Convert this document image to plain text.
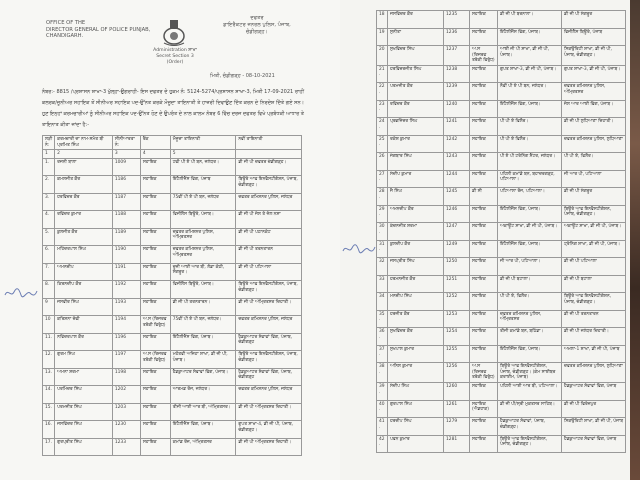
OFFICE OF THE
DIRECTOR GENERAL OF POLICE PUNJAB,
CHANDIGARH.
Administration ਸ਼ਾਖਾ
Secret Section 3
(Order)
ਦਫਤਰ
ਡਾਇਰੈਕਟਰ ਜਨਰਲ ਪੁਲਿਸ, ਪੰਜਾਬ,
ਚੰਡੀਗੜ੍ਹ।
ਮਿਤੀ, ਚੰਡੀਗੜ੍ਹ - 08-10-2021
ਨੰਬਰ:- 8815 /ਪ੍ਰਸ਼ਾਸਨ ਸ਼ਾਖਾ-3 ਖੁੱਲ੍ਹਾ-ਉਗਰਾਹੀ- ਇਸ ਦਫਤਰ ਦੇ ਹੁਕਮ ਨੰ: 5124-5274/ਪ੍ਰਸ਼ਾਸਨ ਸ਼ਾਖਾ-3, ਮਿਤੀ 17-09-2021 ਰਾਹੀਂ ਕਲਰਕ/ਜੂਨੀਅਰ ਸਹਾਇਕ ਤੋਂ ਸੀਨੀਅਰ ਸਹਾਇਕ ਪਦ-ਉੱਨਤ ਕਰਕੇ ਮੌਜੂਦਾ ਤਾਇਨਾਤੀ ਤੇ ਹਾਜ਼ਰੀ ਦਿਵਾਉਣ ਦਿੱਤ ਕਰਨ ਦੇ ਨਿਰਦੇਸ਼ ਦਿੱਤੇ ਗਏ ਸਨ। ਹੁਣ ਇਨ੍ਹਾਂ ਕਰਮਚਾਰੀਆਂ ਨੂੰ ਸੀਨੀਅਰ ਸਹਾਇਕ ਪਦ-ਉੱਨਤ ਹੋਣ ਦੇ ਉਪਰੰਤ ਦੇ ਨਾਲ ਕਾਲਮ ਨੰਬਰ 6 ਵਿੱਚ ਦਰਜ ਦਫਤਰ ਵਿਖੇ ਪ੍ਰਬੰਧਕੀ ਆਧਾਰ ਤੇ ਤਾਇਨਾਤ ਕੀਤਾ ਜਾਂਦਾ ਹੈ:-
ਲੜੀ ਨੰ:	ਕਰਮਚਾਰੀ ਦਾ ਨਾਮ-ਸਮੇਤ ਬੀ ਪ੍ਰਮਿਤ ਸਿੰਘ	ਸੀਨੀਆਰਤਾ ਨੰ:	ਰੈਂਕ	ਮੌਜੂਦਾ ਤਾਇਨਾਤੀ	ਨਵੀਂ ਤਾਇਨਾਤੀ
1	2	3	4	5	
1.	ਰਜਨੀ ਬਾਲਾ	1009	ਸਹਾਇਕ	ਟਵੀ ਪੀ ਏ ਪੀ ਬਨ, ਜਲੰਧਰ।	ਡੀ ਜੀ ਪੀ ਦਫਤਰ ਚੰਡੀਗੜ੍ਹ।
2.	ਕਮਲਜੀਤ ਕੌਰ	1186	ਸਹਾਇਕ	ਇੰਟੈਲੀਜੈਂਸ ਵਿੰਗ, ਪੰਜਾਬ	ਬਿਊਰੋ ਆਫ ਇਨਵੈਸਟੀਗੇਸ਼ਨ, ਪੰਜਾਬ, ਚੰਡੀਗੜ੍ਹ।
3.	ਹਰਵਿੰਦਰ ਕੌਰ	1187	ਸਹਾਇਕ	75ਵੀਂ ਪੀ ਏ ਪੀ ਬਨ, ਜਲੰਧਰ	ਦਫਤਰ ਕਮਿਸ਼ਨਰ ਪੁਲਿਸ, ਜਲੰਧਰ
4.	ਰਵਿੰਦਰ ਕੁਮਾਰ	1188	ਸਹਾਇਕ	ਵਿਜੀਲੈਂਸ ਬਿਊਰੋ, ਪੰਜਾਬ।	ਡੀ ਜੀ ਪੀ ਜੇਲ ਤੇ ਜੇਲ ਨਸ਼ਾ
5.	ਕੁਲਜੀਤ ਕੌਰ	1189	ਸਹਾਇਕ	ਦਫਤਰ ਕਮਿਸ਼ਨਰ ਪੁਲਿਸ, ਅੰਮ੍ਰਿਤਸਰ	ਡੀ ਜੀ ਪੀ ਪਠਾਨਕੋਟ
6.	ਮਹਿੰਦਰਪਾਲ ਸਿੰਘ	1190	ਸਹਾਇਕ	ਦਫਤਰ ਕਮਿਸ਼ਨਰ ਪੁਲਿਸ, ਅੰਮ੍ਰਿਤਸਰ	ਡੀ ਜੀ ਪੀ ਤਰਨਤਾਰਨ
7.	ਅਮਨਦੀਪ	1191	ਸਹਾਇਕ	ਦੂਜੀ ਆਈ ਆਰ ਬੀ, ਲੱਡਾ ਕੋਠੀ, ਸੰਗਰੂਰ।	ਡੀ ਜੀ ਪੀ ਪਟਿਆਲਾ
8.	ਕਿਰਨਦੀਪ ਕੌਰ	1192	ਸਹਾਇਕ	ਵਿਜੀਲੈਂਸ ਬਿਊਰੋ, ਪੰਜਾਬ।	ਬਿਊਰੋ ਆਫ ਇਨਵੈਸਟੀਗੇਸ਼ਨ, ਪੰਜਾਬ, ਚੰਡੀਗੜ੍ਹ।
9	ਜਸਵੀਰ ਸਿੰਘ	1193	ਸਹਾਇਕ	ਡੀ ਜੀ ਪੀ ਤਰਨਤਾਰਨ।	ਡੀ ਜੀ ਪੀ ਅੰਮ੍ਰਿਤਸਰ ਦਿਹਾਤੀ।
10	ਕਰਿਸ਼ਨਾ ਦੇਵੀ	1194	ਅ.ਸ (ਰਿਜਰਵ ਤਰੱਕੀ ਵਿਰੁੱਧ)	75ਵੀਂ ਪੀ ਏ ਪੀ ਬਨ, ਜਲੰਧਰ।	ਦਫਤਰ ਕਮਿਸ਼ਨਰ ਪੁਲਿਸ, ਜਲੰਧਰ
11.	ਨਵਿੰਦਰਪਾਲ ਕੌਰ	1196	ਸਹਾਇਕ	ਇੰਟੈਲੀਜੈਂਸ ਵਿੰਗ, ਪੰਜਾਬ।	ਹੈਡਕੁਆਟਰ ਸੇਵਾਵਾਂ ਵਿੰਗ, ਪੰਜਾਬ, ਚੰਡੀਗੜ੍ਹ
12.	ਗੁਰਮ ਸਿੰਘ	1197	ਅ.ਸ (ਰਿਜਰਵ ਤਰੱਕੀ ਵਿਰੁੱਧ)	ਮਹੱਤਵੀ ਅਜਿਹਾ ਸ਼ਾਖਾ, ਡੀ ਜੀ ਪੀ, ਪੰਜਾਬ।	ਬਿਊਰੋ ਆਫ ਇਨਵੈਸਟੀਗੇਸ਼ਨ, ਪੰਜਾਬ, ਚੰਡੀਗੜ੍ਹ।
13.	ਅਮਨਾ ਸ਼ਰਮਾ	1198	ਸਹਾਇਕ	ਹੈਡਕੁਆਟਰ ਸੇਵਾਵਾਂ ਵਿੰਗ, ਪੰਜਾਬ।	ਹੈਡਕੁਆਟਰ ਸੇਵਾਵਾਂ ਵਿੰਗ, ਪੰਜਾਬ, ਚੰਡੀਗੜ੍ਹ
14.	ਪਰਮਿੰਦਰ ਸਿੰਘ	1202	ਸਹਾਇਕ	ਆਰਮਡ ਰੇਂਜ, ਜਲੰਧਰ।	ਦਫਤਰ ਕਮਿਸ਼ਨਰ ਪੁਲਿਸ, ਜਲੰਧਰ
15.	ਪਰਮਜੀਤ ਸਿੰਘ	1203	ਸਹਾਇਕ	ਤੀਜੀ ਆਈ ਆਰ ਬੀ, ਅੰਮ੍ਰਿਤਸਰ।	ਡੀ ਜੀ ਪੀ ਅੰਮ੍ਰਿਤਸਰ ਦਿਹਾਤੀ।
16.	ਜਸਵਿੰਦਰ ਸਿੰਘ	1230	ਸਹਾਇਕ	ਇੰਟੈਲੀਜੈਂਸ ਵਿੰਗ, ਪੰਜਾਬ।	ਗੁਪਤ ਸ਼ਾਖਾ-4, ਡੀ ਜੀ ਪੀ, ਪੰਜਾਬ, ਚੰਡੀਗੜ੍ਹ।
17.	ਗੁਰਪ੍ਰੀਤ ਸਿੰਘ	1233	ਸਹਾਇਕ	ਕਮਾਂਡ ਰੇਂਜ, ਅੰਮ੍ਰਿਤਸਰ	ਡੀ ਜੀ ਪੀ ਅੰਮ੍ਰਿਤਸਰ ਦਿਹਾਤੀ।
18	ਜਸਵਿੰਦਰ ਕੌਰ	1235	ਸਹਾਇਕ	ਡੀ ਜੀ ਪੀ ਬਰਨਾਲਾ।	ਡੀ ਜੀ ਪੀ ਸੰਗਰੂਰ
19	ਸੁਨੀਤਾ	1236	ਸਹਾਇਕ	ਇੰਟੈਲੀਜੈਂਸ ਵਿੰਗ, ਪੰਜਾਬ।	ਵਿਜੀਲੈਂਸ ਬਿਊਰੋ, ਪੰਜਾਬ
20	ਸੁਖਵਿੰਦਰ ਸਿੰਘ	1237	ਅ.ਸ (ਰਿਜਰਵ ਤਰੱਕੀ ਵਿਰੁੱਧ)	ਆਈ ਜੀ ਪੀ ਸ਼ਾਖਾ, ਡੀ ਜੀ ਪੀ, ਪੰਜਾਬ।	ਸਿਕਉਰਿਟੀ ਸ਼ਾਖਾ, ਡੀ ਜੀ ਪੀ, ਪੰਜਾਬ, ਚੰਡੀਗੜ੍ਹ।
21.	ਹਰਵਿੰਦਰਜੀਤ ਸਿੰਘ	1238	ਸਹਾਇਕ	ਗੁਪਤ ਸ਼ਾਖਾ-3, ਡੀ ਜੀ ਪੀ, ਪੰਜਾਬ।	ਗੁਪਤ ਸ਼ਾਖਾ-3, ਡੀ ਜੀ ਪੀ, ਪੰਜਾਬ।
22.	ਪਰਮਜੀਤ ਕੌਰ	1239	ਸਹਾਇਕ	ਨੌਵੀਂ ਪੀ ਏ ਪੀ ਬਨ, ਜਲੰਧਰ।	ਦਫਤਰ ਕਮਿਸ਼ਨਰ ਪੁਲਿਸ, ਅੰਮ੍ਰਿਤਸਰ
23.	ਰਵਿੰਦਰ ਕੌਰ	1240	ਸਹਾਇਕ	ਇੰਟੈਲੀਜੈਂਸ ਵਿੰਗ, ਪੰਜਾਬ।	ਜੇਲ ਆਰ ਆਈ ਵਿੰਗ, ਪੰਜਾਬ।
24.	ਪ੍ਰਭਜਿੰਦਰ ਸਿੰਘ	1241	ਸਹਾਇਕ	ਪੀ ਪੀ ਏ ਫਿਲੌਰ।	ਡੀ ਜੀ ਪੀ ਲੁਧਿਆਣਾ ਦਿਹਾਤੀ।
25.	ਰਕੇਸ਼ ਕੁਮਾਰ	1242	ਸਹਾਇਕ	ਪੀ ਪੀ ਏ ਫਿਲੌਰ।	ਦਫਤਰ ਕਮਿਸ਼ਨਰ ਪੁਲਿਸ, ਲੁਧਿਆਣਾ
26	ਜੰਗਬਾਰ ਸਿੰਘ	1243	ਸਹਾਇਕ	ਪੀ ਏ ਪੀ ਟਰੇਨਿੰਗ ਸੈਂਟਰ, ਜਲੰਧਰ।	ਪੀ ਪੀ ਏ, ਫਿਲੌਰ।
27.	ਸੰਦੀਪ ਕੁਮਾਰ	1244	ਸਹਾਇਕ	ਪਹਿਲੀ ਕਮਾਂਡੋ ਬਨ, ਬਹਾਦਰਗੜ੍ਹ, ਪਟਿਆਲਾ।	ਜੀ ਆਰ ਪੀ, ਪਟਿਆਲਾ
28.	ਜੈ ਸਿੰਘ	1245	ਡੀ ਸੀ	ਪਟਿਆਲਾ ਰੇਂਜ, ਪਟਿਆਲਾ।	ਡੀ ਜੀ ਪੀ ਸੰਗਰੂਰ
29.	ਅਮਨਦੀਪ ਕੌਰ	1246	ਸਹਾਇਕ	ਇੰਟੈਲੀਜੈਂਸ ਵਿੰਗ, ਪੰਜਾਬ।	ਬਿਊਰੋ ਆਫ ਇਨਵੈਸਟੀਗੇਸ਼ਨ, ਪੰਜਾਬ, ਚੰਡੀਗੜ੍ਹ।
30.	ਕੰਚਨਜੀਤ ਸ਼ਰਮਾ	1247	ਸਹਾਇਕ	ਅਕਾਊਂਟ ਸ਼ਾਖਾ, ਡੀ ਜੀ ਪੀ, ਪੰਜਾਬ।	ਅਕਾਊਂਟ ਸ਼ਾਖਾ, ਡੀ ਜੀ ਪੀ, ਪੰਜਾਬ।
31.	ਕੁਲਦੀਪ ਕੌਰ	1249	ਸਹਾਇਕ	ਇੰਟੈਲੀਜੈਂਸ ਵਿੰਗ, ਪੰਜਾਬ।	ਟ੍ਰੇਨਿੰਗ ਸ਼ਾਖਾ, ਡੀ ਜੀ ਪੀ, ਪੰਜਾਬ।
32	ਜਸਪ੍ਰੀਤ ਸਿੰਘ	1250	ਸਹਾਇਕ	ਜੀ ਆਰ ਪੀ, ਪਟਿਆਲਾ।	ਡੀ ਜੀ ਪੀ ਪਟਿਆਲਾ
33	ਹਰਮਨਜੀਤ ਕੌਰ	1251	ਸਹਾਇਕ	ਡੀ ਜੀ ਪੀ ਬਟਾਲਾ।	ਡੀ ਜੀ ਪੀ ਬਟਾਲਾ
34	ਮਨਦੀਪ ਸਿੰਘ	1252	ਸਹਾਇਕ	ਪੀ ਪੀ ਏ, ਫਿਲੌਰ।	ਬਿਊਰੋ ਆਫ ਇਨਵੈਸਟੀਗੇਸ਼ਨ, ਪੰਜਾਬ, ਚੰਡੀਗੜ੍ਹ।
35.	ਹਰਜੀਤ ਕੌਰ	1253	ਸਹਾਇਕ	ਦਫਤਰ ਕਮਿਸ਼ਨਰ ਪੁਲਿਸ, ਅੰਮ੍ਰਿਤਸਰ	ਡੀ ਜੀ ਪੀ ਤਰਨਤਾਰਨ
36.	ਸੁਖਵਿੰਦਰ ਕੌਰ	1254	ਸਹਾਇਕ	ਤੀਜੀ ਕਮਾਂਡੋ ਬਨ, ਬਠਿੰਡਾ।	ਡੀ ਜੀ ਪੀ ਜਲੰਧਰ ਦਿਹਾਤੀ।
37.	ਸੁਖਪਾਲ ਕੁਮਾਰ	1255	ਸਹਾਇਕ	ਇੰਟੈਲੀਜੈਂਸ ਵਿੰਗ, ਪੰਜਾਬ।	ਅਮਲਾ-1 ਸ਼ਾਖਾ, ਡੀ ਜੀ ਪੀ, ਪੰਜਾਬ
38.	ਅਨਿਲ ਕੁਮਾਰ	1256	ਅ.ਸ (ਰਿਜਰਵ ਤਰੱਕੀ ਵਿਰੁੱਧ)	ਬਿਊਰੋ ਆਫ ਇਨਵੈਸਟੀਗੇਸ਼ਨ, ਪੰਜਾਬ, ਚੰਡੀਗੜ੍ਹ। (ਕੰਮ ਸਾਈਬਰ ਕਰਾਈਮ, ਪੰਜਾਬ)	ਦਫਤਰ ਕਮਿਸ਼ਨਰ ਪੁਲਿਸ, ਲੁਧਿਆਣਾ
39.	ਸੰਦੀਪ ਸਿੰਘ	1260	ਸਹਾਇਕ	ਪਹਿਲੀ ਆਈ ਆਰ ਬੀ, ਪਟਿਆਲਾ।	ਹੈਡਕੁਆਟਰ ਸੇਵਾਵਾਂ ਵਿੰਗ, ਪੰਜਾਬ
40.	ਗੁਰਪਾਲ ਸਿੰਘ	1261	ਸਹਾਇਕ (ਐਡਹਾਕ)	ਡੀ ਜੀ ਪੀ/ਸ੍ਰੀ ਮੁਕਤਸਰ ਸਾਹਿਬ।	ਡੀ ਜੀ ਪੀ ਫਿਰੋਜ਼ਪੁਰ
41.	ਹਰਦੀਪ ਸਿੰਘ	1279	ਸਹਾਇਕ	ਹੈਡਕੁਆਟਰ ਸੇਵਾਵਾਂ, ਪੰਜਾਬ, ਚੰਡੀਗੜ੍ਹ।	ਸਿਕਉਰਿਟੀ ਸ਼ਾਖਾ, ਡੀ ਜੀ ਪੀ, ਪੰਜਾਬ
42.	ਪਵਨ ਕੁਮਾਰ	1281	ਸਹਾਇਕ	ਬਿਊਰੋ ਆਫ ਇਨਵੈਸਟੀਗੇਸ਼ਨ, ਪੰਜਾਬ, ਚੰਡੀਗੜ੍ਹ।	ਹੈਡਕੁਆਟਰ ਸੇਵਾਵਾਂ ਵਿੰਗ, ਪੰਜਾਬ
